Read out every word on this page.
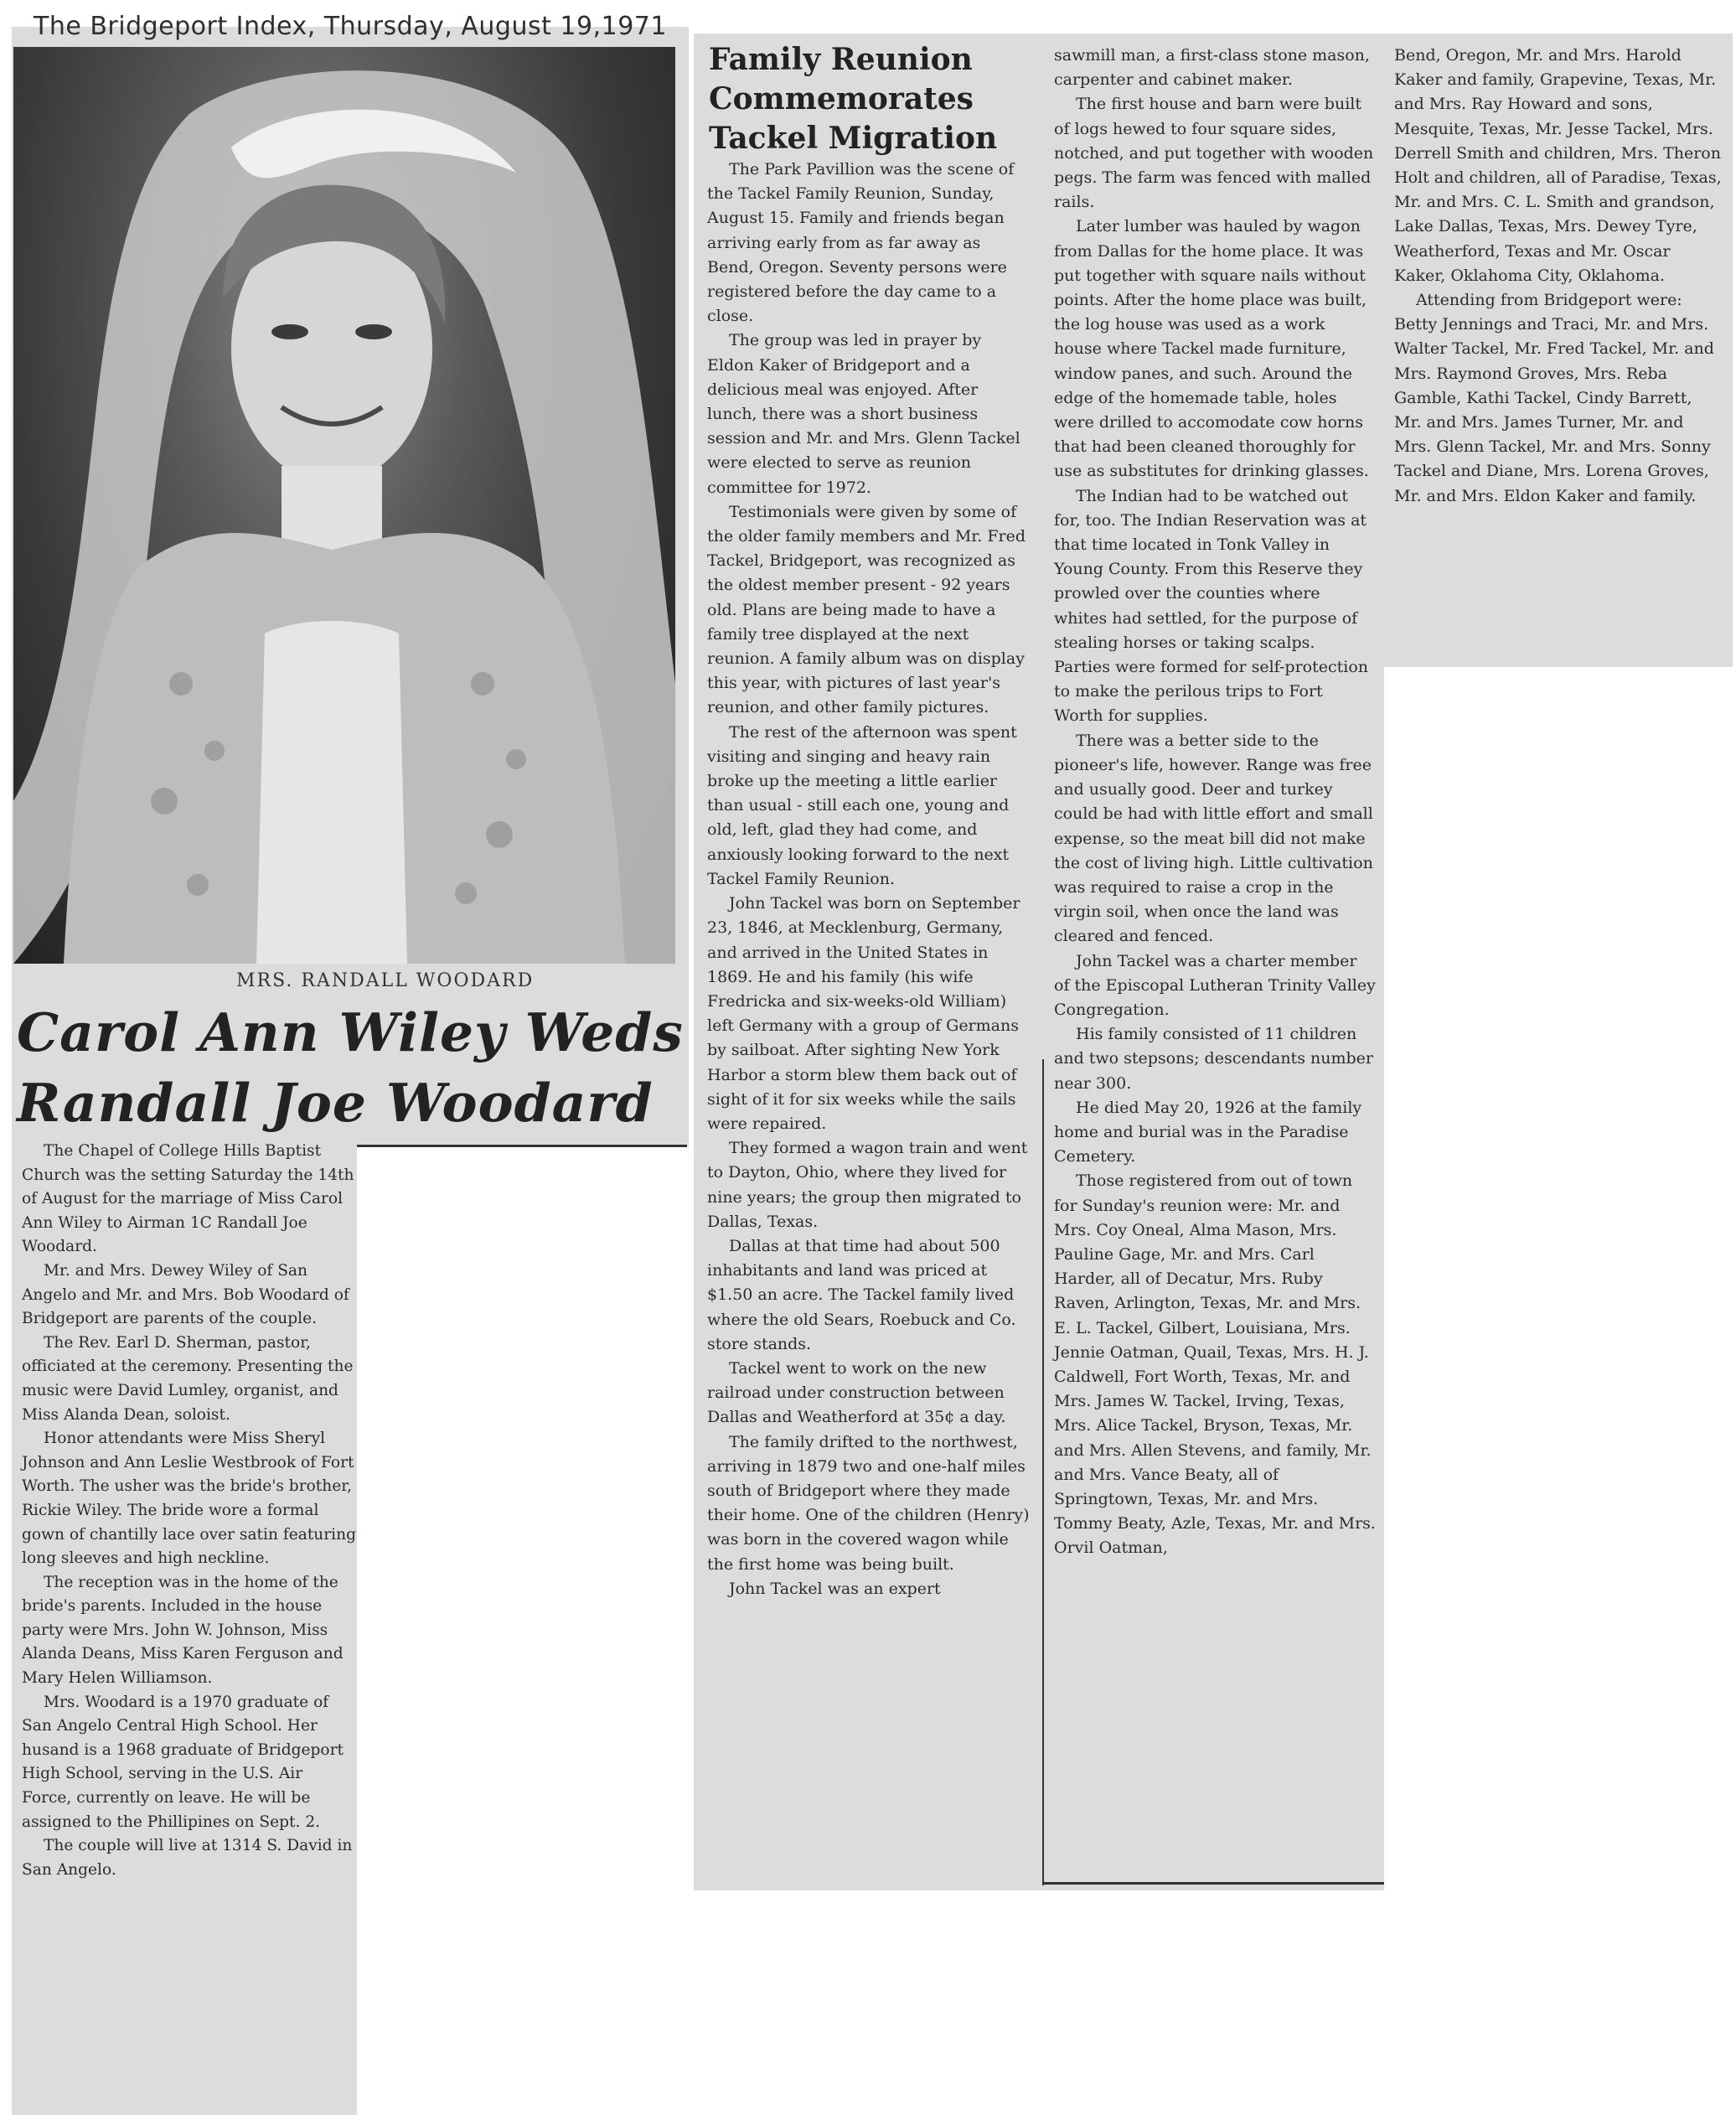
The Bridgeport Index, Thursday, August 19,1971
MRS. RANDALL WOODARD
Carol Ann Wiley Weds
Randall Joe Woodard

The Chapel of College Hills Baptist Church was the setting Saturday the 14th of August for the marriage of Miss Carol Ann Wiley to Airman 1C Randall Joe Woodard.

Mr. and Mrs. Dewey Wiley of San Angelo and Mr. and Mrs. Bob Woodard of Bridgeport are parents of the couple.

The Rev. Earl D. Sherman, pastor, officiated at the ceremony. Presenting the music were David Lumley, organist, and Miss Alanda Dean, soloist.

Honor attendants were Miss Sheryl Johnson and Ann Leslie Westbrook of Fort Worth. The usher was the bride's brother, Rickie Wiley. The bride wore a formal gown of chantilly lace over satin featuring long sleeves and high neckline.

The reception was in the home of the bride's parents. Included in the house party were Mrs. John W. Johnson, Miss Alanda Deans, Miss Karen Ferguson and Mary Helen Williamson.

Mrs. Woodard is a 1970 graduate of San Angelo Central High School. Her husand is a 1968 graduate of Bridgeport High School, serving in the U.S. Air Force, currently on leave. He will be assigned to the Phillipines on Sept. 2.

The couple will live at 1314 S. David in San Angelo.

Family Reunion
Commemorates
Tackel Migration

The Park Pavillion was the scene of the Tackel Family Reunion, Sunday, August 15. Family and friends began arriving early from as far away as Bend, Oregon. Seventy persons were registered before the day came to a close.

The group was led in prayer by Eldon Kaker of Bridgeport and a delicious meal was enjoyed. After lunch, there was a short business session and Mr. and Mrs. Glenn Tackel were elected to serve as reunion committee for 1972.

Testimonials were given by some of the older family members and Mr. Fred Tackel, Bridgeport, was recognized as the oldest member present - 92 years old. Plans are being made to have a family tree displayed at the next reunion. A family album was on display this year, with pictures of last year's reunion, and other family pictures.

The rest of the afternoon was spent visiting and singing and heavy rain broke up the meeting a little earlier than usual - still each one, young and old, left, glad they had come, and anxiously looking forward to the next Tackel Family Reunion.

John Tackel was born on September 23, 1846, at Mecklenburg, Germany, and arrived in the United States in 1869. He and his family (his wife Fredricka and six-weeks-old William) left Germany with a group of Germans by sailboat. After sighting New York Harbor a storm blew them back out of sight of it for six weeks while the sails were repaired.

They formed a wagon train and went to Dayton, Ohio, where they lived for nine years; the group then migrated to Dallas, Texas.

Dallas at that time had about 500 inhabitants and land was priced at $1.50 an acre. The Tackel family lived where the old Sears, Roebuck and Co. store stands.

Tackel went to work on the new railroad under construction between Dallas and Weatherford at 35¢ a day.

The family drifted to the northwest, arriving in 1879 two and one-half miles south of Bridgeport where they made their home. One of the children (Henry) was born in the covered wagon while the first home was being built.

John Tackel was an expert

sawmill man, a first-class stone mason, carpenter and cabinet maker.

The first house and barn were built of logs hewed to four square sides, notched, and put together with wooden pegs. The farm was fenced with malled rails.

Later lumber was hauled by wagon from Dallas for the home place. It was put together with square nails without points. After the home place was built, the log house was used as a work house where Tackel made furniture, window panes, and such. Around the edge of the homemade table, holes were drilled to accomodate cow horns that had been cleaned thoroughly for use as substitutes for drinking glasses.

The Indian had to be watched out for, too. The Indian Reservation was at that time located in Tonk Valley in Young County. From this Reserve they prowled over the counties where whites had settled, for the purpose of stealing horses or taking scalps. Parties were formed for self-protection to make the perilous trips to Fort Worth for supplies.

There was a better side to the pioneer's life, however. Range was free and usually good. Deer and turkey could be had with little effort and small expense, so the meat bill did not make the cost of living high. Little cultivation was required to raise a crop in the virgin soil, when once the land was cleared and fenced.

John Tackel was a charter member of the Episcopal Lutheran Trinity Valley Congregation.

His family consisted of 11 children and two stepsons; descendants number near 300.

He died May 20, 1926 at the family home and burial was in the Paradise Cemetery.

Those registered from out of town for Sunday's reunion were: Mr. and Mrs. Coy Oneal, Alma Mason, Mrs. Pauline Gage, Mr. and Mrs. Carl Harder, all of Decatur, Mrs. Ruby Raven, Arlington, Texas, Mr. and Mrs. E. L. Tackel, Gilbert, Louisiana, Mrs. Jennie Oatman, Quail, Texas, Mrs. H. J. Caldwell, Fort Worth, Texas, Mr. and Mrs. James W. Tackel, Irving, Texas, Mrs. Alice Tackel, Bryson, Texas, Mr. and Mrs. Allen Stevens, and family, Mr. and Mrs. Vance Beaty, all of Springtown, Texas, Mr. and Mrs. Tommy Beaty, Azle, Texas, Mr. and Mrs. Orvil Oatman,

Bend, Oregon, Mr. and Mrs. Harold Kaker and family, Grapevine, Texas, Mr. and Mrs. Ray Howard and sons, Mesquite, Texas, Mr. Jesse Tackel, Mrs. Derrell Smith and children, Mrs. Theron Holt and children, all of Paradise, Texas, Mr. and Mrs. C. L. Smith and grandson, Lake Dallas, Texas, Mrs. Dewey Tyre, Weatherford, Texas and Mr. Oscar Kaker, Oklahoma City, Oklahoma.

Attending from Bridgeport were: Betty Jennings and Traci, Mr. and Mrs. Walter Tackel, Mr. Fred Tackel, Mr. and Mrs. Raymond Groves, Mrs. Reba Gamble, Kathi Tackel, Cindy Barrett, Mr. and Mrs. James Turner, Mr. and Mrs. Glenn Tackel, Mr. and Mrs. Sonny Tackel and Diane, Mrs. Lorena Groves, Mr. and Mrs. Eldon Kaker and family.
